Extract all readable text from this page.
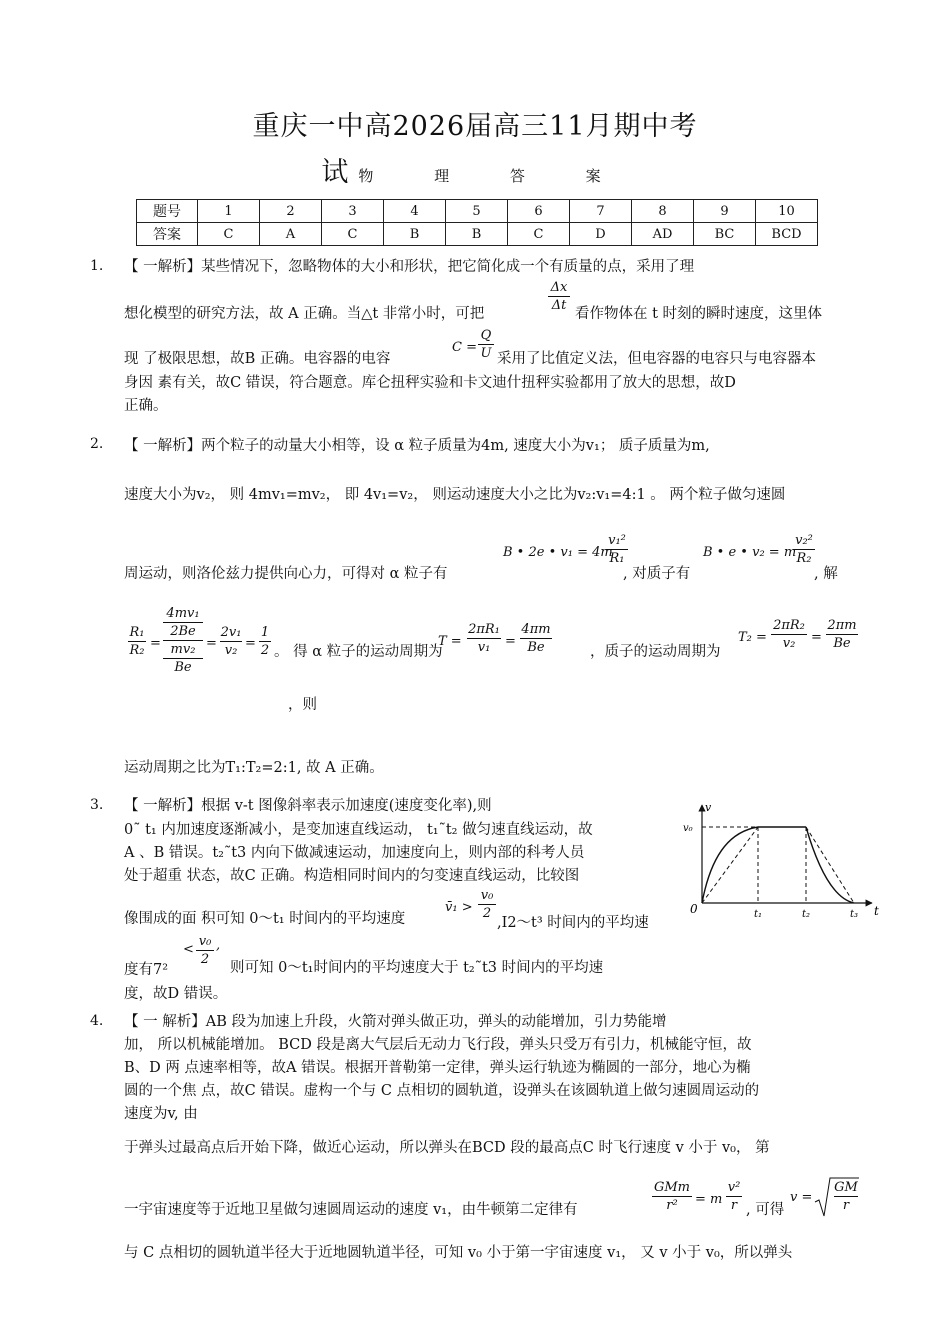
重庆一中高2026届高三11月期中考
试物 理 答 案
题号	1	2	3	4	5	6	7	8	9	10
答案	C	A	C	B	B	C	D	AD	BC	BCD
1. 【 一解析】某些情况下，忽略物体的大小和形状，把它简化成一个有质量的点，采用了理
Δx
Δt
想化模型的研究方法，故 A 正确。当△t 非常小时，可把	看作物体在 t 时刻的瞬时速度，这里体
C =
Q
U
现 了极限思想，故B 正确。电容器的电容	采用了比值定义法，但电容器的电容只与电容器本
身因 素有关，故C 错误，符合题意。库仑扭秤实验和卡文迪什扭秤实验都用了放大的思想，故D
正确。
2. 【 一解析】两个粒子的动量大小相等，设 α 粒子质量为4m, 速度大小为v₁； 质子质量为m,
速度大小为v₂， 则 4mv₁=mv₂， 即 4v₁=v₂， 则运动速度大小之比为v₂:v₁=4:1 。 两个粒子做匀速圆
B • 2e • v₁ = 4m
v₁²
R₁	B • e • v₂ = m
v₂²
R₂
周运动，则洛伦兹力提供向心力，可得对 α 粒子有	, 对质子有	, 解
R₁
R₂ =
4mv₁
2Be
mv₂
Be
=
2v₁
v₂ =
1
2 。 得 α 粒子的运动周期为
T =
2πR₁
v₁	=
4πm
Be	，质子的运动周期为
T₂ =
2πR₂
v₂	=
2πm
Be
，则
运动周期之比为T₁:T₂=2:1, 故 A 正确。
3. 【 一解析】根据 v-t 图像斜率表示加速度(速度变化率),则
0˜ t₁ 内加速度逐渐减小，是变加速直线运动， t₁˜t₂ 做匀速直线运动，故
A 、B 错误。t₂˜t3 内向下做减速运动，加速度向上，则内部的科考人员
处于超重 状态，故C 正确。构造相同时间内的匀变速直线运动，比较图
像围成的面 积可知 0～t₁ 时间内的平均速度
v̄₁ >
v₀
2
,I2～t³ 时间内的平均速
<
v₀
2
,
度有7²	则可知 0～t₁时间内的平均速度大于 t₂˜t3 时间内的平均速
度，故D 错误。
v
v₀
0	t₁	t₂	t₃ t
4. 【 一 解析】AB 段为加速上升段，火箭对弹头做正功，弹头的动能增加，引力势能增
加， 所以机械能增加。 BCD 段是离大气层后无动力飞行段，弹头只受万有引力，机械能守恒，故
B、D 两 点速率相等，故A 错误。根据开普勒第一定律，弹头运行轨迹为椭圆的一部分，地心为椭
圆的一个焦 点，故C 错误。虚构一个与 C 点相切的圆轨道，设弹头在该圆轨道上做匀速圆周运动的
速度为v, 由
于弹头过最高点后开始下降，做近心运动，所以弹头在BCD 段的最高点C 时飞行速度 v 小于 v₀， 第
GMm
r²	= m
v²
r
一宇宙速度等于近地卫星做匀速圆周运动的速度 v₁，由牛顿第二定律有	, 可得
v =
GM
r
与 C 点相切的圆轨道半径大于近地圆轨道半径，可知 v₀ 小于第一宇宙速度 v₁， 又 v 小于 v₀，所以弹头
